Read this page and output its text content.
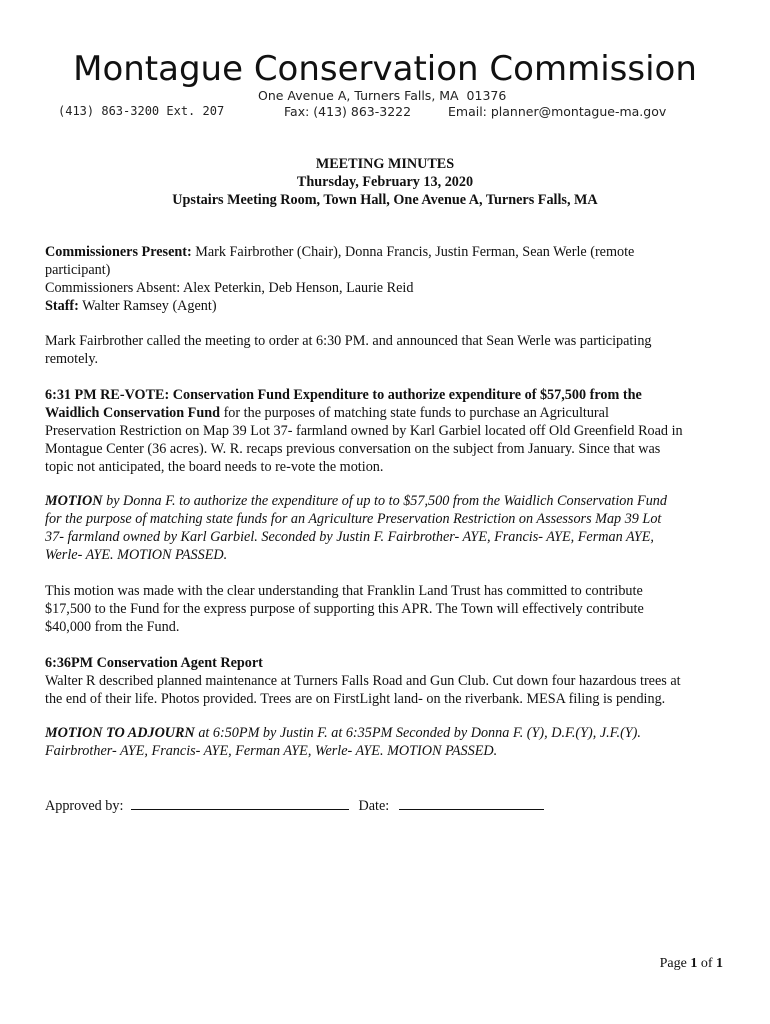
Montague Conservation Commission
One Avenue A, Turners Falls, MA  01376
(413) 863-3200 Ext. 207	Fax: (413) 863-3222	Email: planner@montague-ma.gov
MEETING MINUTES
Thursday, February 13, 2020
Upstairs Meeting Room, Town Hall, One Avenue A, Turners Falls, MA
Commissioners Present: Mark Fairbrother (Chair), Donna Francis, Justin Ferman, Sean Werle (remote
participant)
Commissioners Absent: Alex Peterkin, Deb Henson, Laurie Reid
Staff: Walter Ramsey (Agent)
Mark Fairbrother called the meeting to order at 6:30 PM. and announced that Sean Werle was participating
remotely.
6:31 PM RE-VOTE: Conservation Fund Expenditure to authorize expenditure of $57,500 from the
Waidlich Conservation Fund for the purposes of matching state funds to purchase an Agricultural
Preservation Restriction on Map 39 Lot 37- farmland owned by Karl Garbiel located off Old Greenfield Road in
Montague Center (36 acres). W. R. recaps previous conversation on the subject from January. Since that was
topic not anticipated, the board needs to re-vote the motion.
MOTION by Donna F. to authorize the expenditure of up to to $57,500 from the Waidlich Conservation Fund
for the purpose of matching state funds for an Agriculture Preservation Restriction on Assessors Map 39 Lot
37- farmland owned by Karl Garbiel. Seconded by Justin F. Fairbrother- AYE, Francis- AYE, Ferman AYE,
Werle- AYE. MOTION PASSED.
This motion was made with the clear understanding that Franklin Land Trust has committed to contribute
$17,500 to the Fund for the express purpose of supporting this APR. The Town will effectively contribute
$40,000 from the Fund.
6:36PM Conservation Agent Report
Walter R described planned maintenance at Turners Falls Road and Gun Club. Cut down four hazardous trees at
the end of their life. Photos provided. Trees are on FirstLight land- on the riverbank. MESA filing is pending.
MOTION TO ADJOURN at 6:50PM by Justin F. at 6:35PM Seconded by Donna F. (Y), D.F.(Y), J.F.(Y).
Fairbrother- AYE, Francis- AYE, Ferman AYE, Werle- AYE. MOTION PASSED.
Approved by:	Date:
Page 1 of 1
